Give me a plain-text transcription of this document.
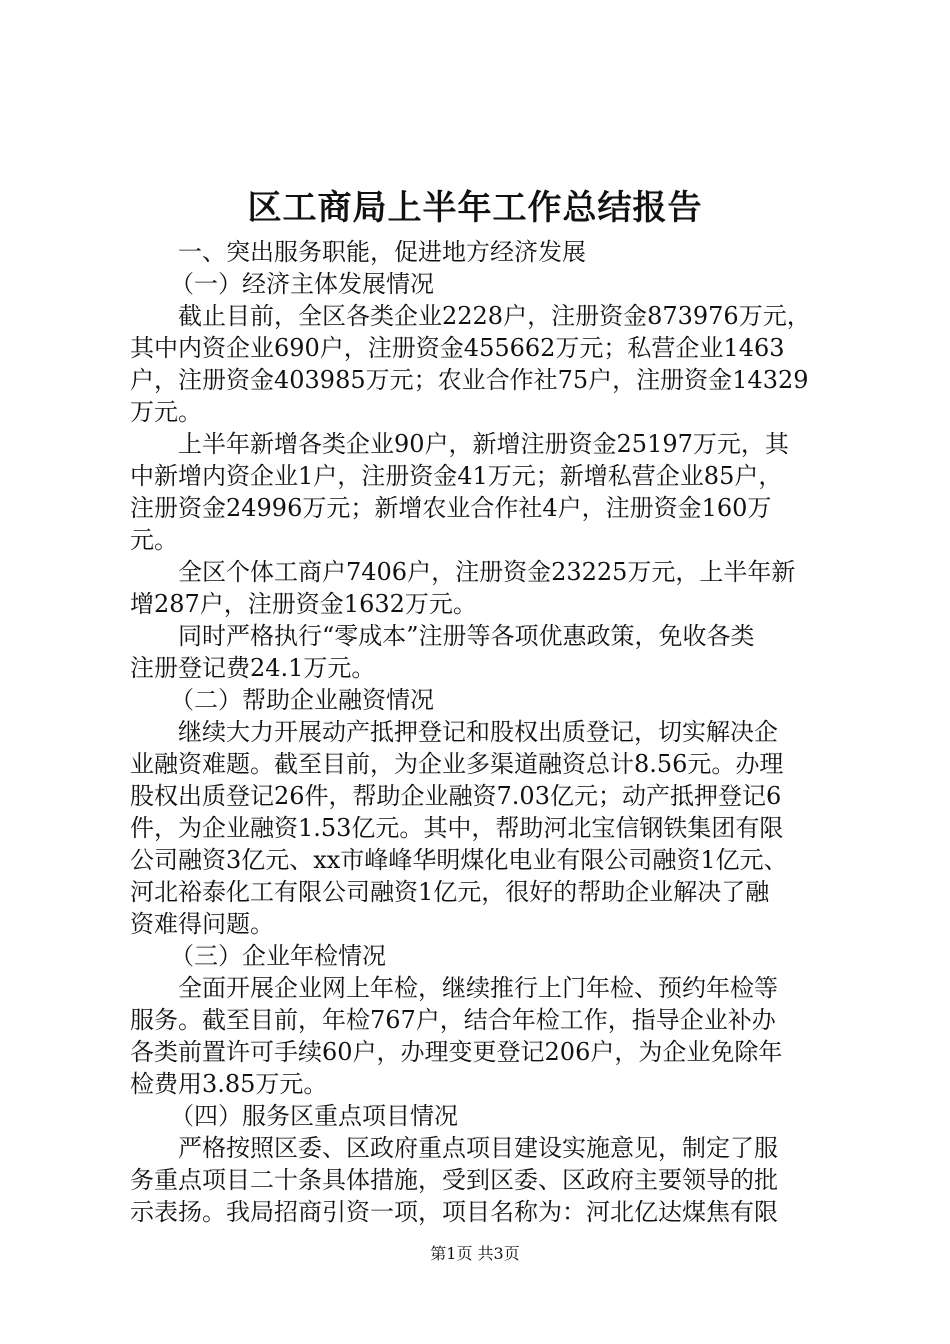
区工商局上半年工作总结报告
一、突出服务职能，促进地方经济发展
（一）经济主体发展情况
截止目前，全区各类企业2228户，注册资金873976万元，
其中内资企业690户，注册资金455662万元；私营企业1463
户，注册资金403985万元；农业合作社75户，注册资金14329
万元。
上半年新增各类企业90户，新增注册资金25197万元，其
中新增内资企业1户，注册资金41万元；新增私营企业85户，
注册资金24996万元；新增农业合作社4户，注册资金160万
元。
全区个体工商户7406户，注册资金23225万元，上半年新
增287户，注册资金1632万元。
同时严格执行“零成本”注册等各项优惠政策，免收各类
注册登记费24.1万元。
（二）帮助企业融资情况
继续大力开展动产抵押登记和股权出质登记，切实解决企
业融资难题。截至目前，为企业多渠道融资总计8.56元。办理
股权出质登记26件，帮助企业融资7.03亿元；动产抵押登记6
件，为企业融资1.53亿元。其中，帮助河北宝信钢铁集团有限
公司融资3亿元、xx市峰峰华明煤化电业有限公司融资1亿元、
河北裕泰化工有限公司融资1亿元，很好的帮助企业解决了融
资难得问题。
（三）企业年检情况
全面开展企业网上年检，继续推行上门年检、预约年检等
服务。截至目前，年检767户，结合年检工作，指导企业补办
各类前置许可手续60户，办理变更登记206户，为企业免除年
检费用3.85万元。
（四）服务区重点项目情况
严格按照区委、区政府重点项目建设实施意见，制定了服
务重点项目二十条具体措施，受到区委、区政府主要领导的批
示表扬。我局招商引资一项，项目名称为：河北亿达煤焦有限
第1页 共3页
